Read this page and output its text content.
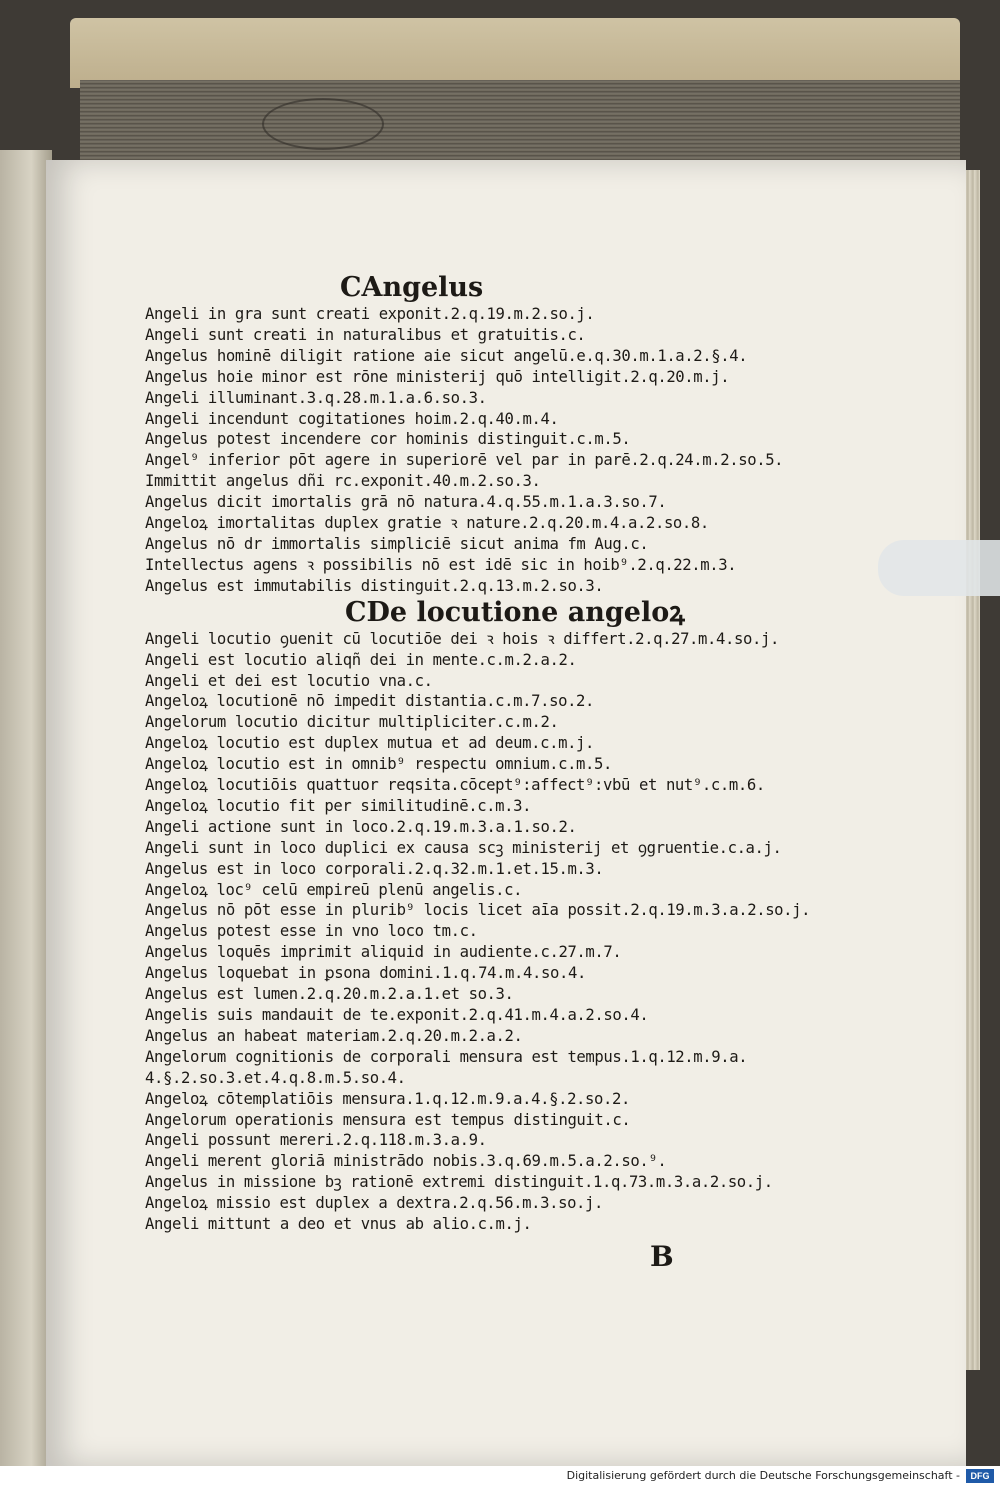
CAngelus
Angeli in gra sunt creati exponit.2.q.19.m.2.so.j.
Angeli sunt creati in naturalibus et gratuitis.c.
Angelus hominē diligit ratione aie sicut angelū.e.q.30.m.1.a.2.§.4.
Angelus hoie minor est rōne ministerij quō intelligit.2.q.20.m.j.
Angeli illuminant.3.q.28.m.1.a.6.so.3.
Angeli incendunt cogitationes hoim.2.q.40.m.4.
Angelus potest incendere cor hominis distinguit.c.m.5.
Angel⁹ inferior pōt agere in superiorē vel par in parē.2.q.24.m.2.so.5.
Immittit angelus dñi rc.exponit.40.m.2.so.3.
Angelus dicit imortalis grā nō natura.4.q.55.m.1.a.3.so.7.
Angeloꝝ imortalitas duplex gratie ꝛ nature.2.q.20.m.4.a.2.so.8.
Angelus nō dr immortalis simpliciē sicut anima fm Aug.c.
Intellectus agens ꝛ possibilis nō est idē sic in hoib⁹.2.q.22.m.3.
Angelus est immutabilis distinguit.2.q.13.m.2.so.3.
CDe locutione angeloꝝ
Angeli locutio ꝯuenit cū locutiōe dei ꝛ hois ꝛ differt.2.q.27.m.4.so.j.
Angeli est locutio aliqñ dei in mente.c.m.2.a.2.
Angeli et dei est locutio vna.c.
Angeloꝝ locutionē nō impedit distantia.c.m.7.so.2.
Angelorum locutio dicitur multipliciter.c.m.2.
Angeloꝝ locutio est duplex mutua et ad deum.c.m.j.
Angeloꝝ locutio est in omnib⁹ respectu omnium.c.m.5.
Angeloꝝ locutiōis quattuor reqsita.cōcept⁹:affect⁹:vbū et nut⁹.c.m.6.
Angeloꝝ locutio fit per similitudinē.c.m.3.
Angeli actione sunt in loco.2.q.19.m.3.a.1.so.2.
Angeli sunt in loco duplici ex causa scꝫ ministerij et ꝯgruentie.c.a.j.
Angelus est in loco corporali.2.q.32.m.1.et.15.m.3.
Angeloꝝ loc⁹ celū empireū plenū angelis.c.
Angelus nō pōt esse in plurib⁹ locis licet aīa possit.2.q.19.m.3.a.2.so.j.
Angelus potest esse in vno loco tm.c.
Angelus loquēs imprimit aliquid in audiente.c.27.m.7.
Angelus loquebat in ꝑsona domini.1.q.74.m.4.so.4.
Angelus est lumen.2.q.20.m.2.a.1.et so.3.
Angelis suis mandauit de te.exponit.2.q.41.m.4.a.2.so.4.
Angelus an habeat materiam.2.q.20.m.2.a.2.
Angelorum cognitionis de corporali mensura est tempus.1.q.12.m.9.a.
4.§.2.so.3.et.4.q.8.m.5.so.4.
Angeloꝝ cōtemplatiōis mensura.1.q.12.m.9.a.4.§.2.so.2.
Angelorum operationis mensura est tempus distinguit.c.
Angeli possunt mereri.2.q.118.m.3.a.9.
Angeli merent gloriā ministrādo nobis.3.q.69.m.5.a.2.so.⁹.
Angelus in missione bꝫ rationē extremi distinguit.1.q.73.m.3.a.2.so.j.
Angeloꝝ missio est duplex a dextra.2.q.56.m.3.so.j.
Angeli mittunt a deo et vnus ab alio.c.m.j.
B
Digitalisierung gefördert durch die Deutsche Forschungsgemeinschaft -	DFG
